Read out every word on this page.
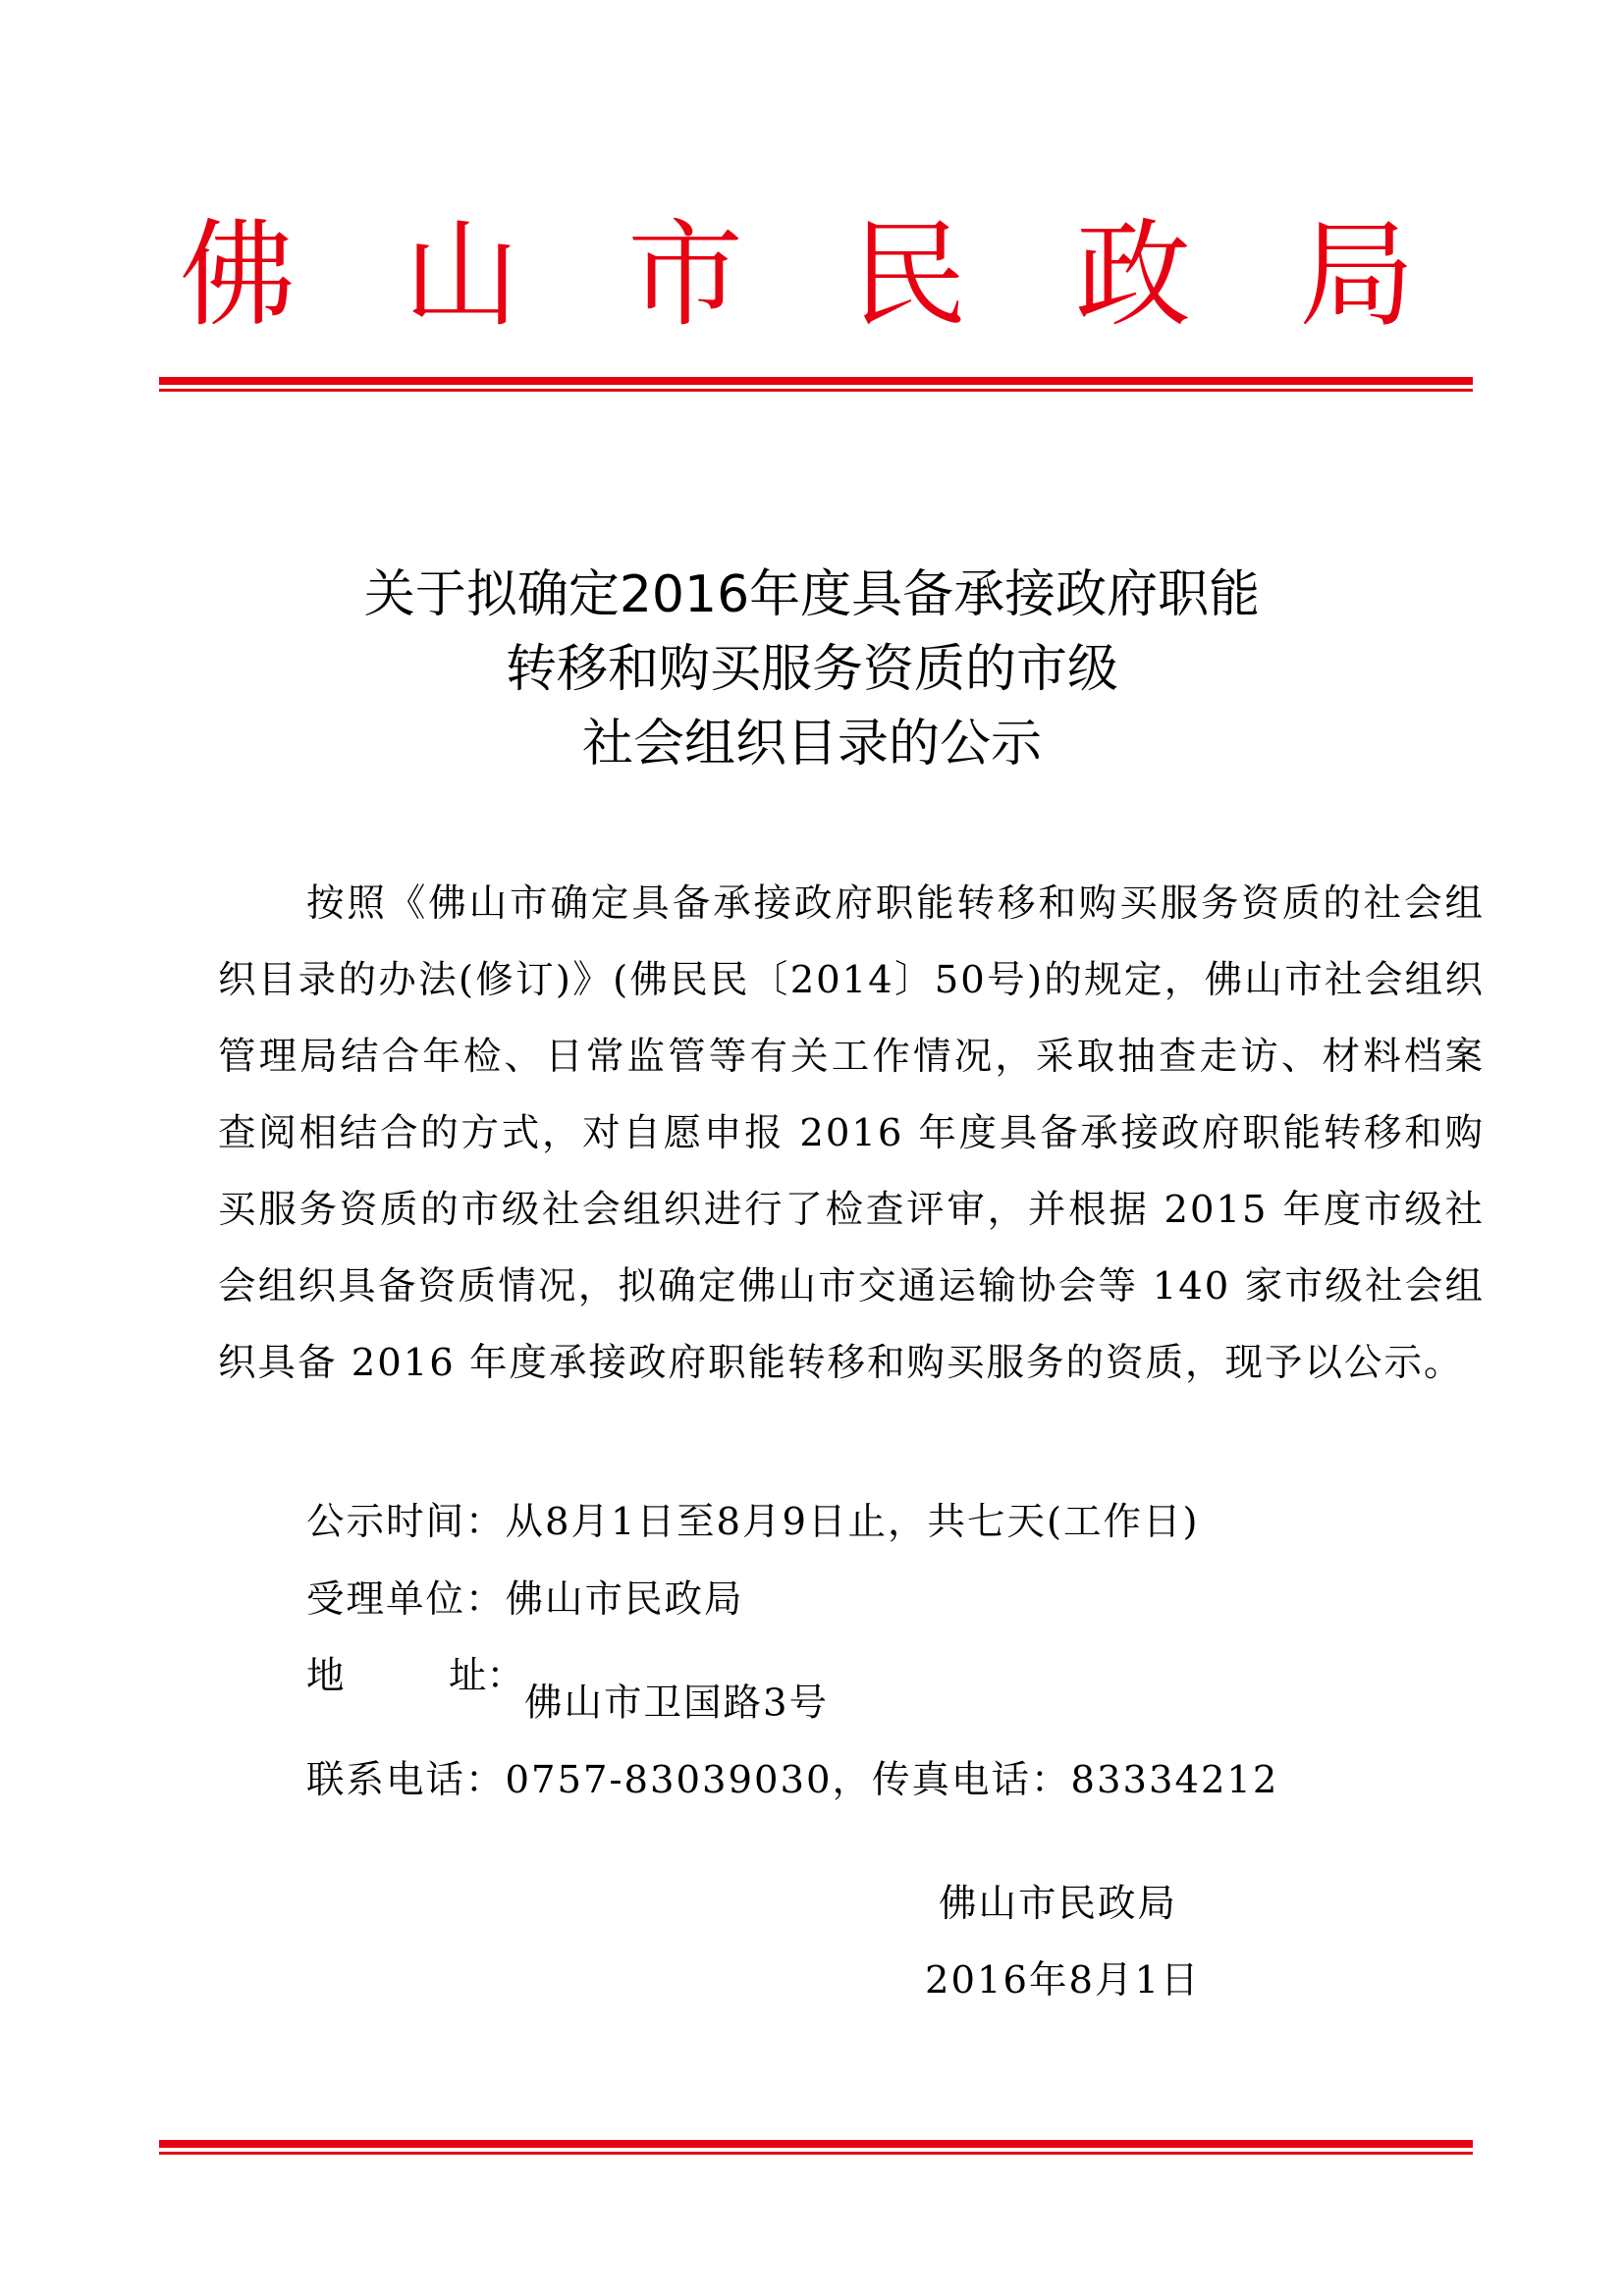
佛山市民政局
关于拟确定2016年度具备承接政府职能
转移和购买服务资质的市级
社会组织目录的公示
按照《佛山市确定具备承接政府职能转移和购买服务资质的社会组织目录的办法(修订)》(佛民民〔2014〕50号)的规定，佛山市社会组织管理局结合年检、日常监管等有关工作情况，采取抽查走访、材料档案查阅相结合的方式，对自愿申报 2016 年度具备承接政府职能转移和购买服务资质的市级社会组织进行了检查评审，并根据 2015 年度市级社会组织具备资质情况，拟确定佛山市交通运输协会等 140 家市级社会组织具备 2016 年度承接政府职能转移和购买服务的资质，现予以公示。
公示时间：从8月1日至8月9日止，共七天(工作日)
受理单位：佛山市民政局
地	址：
佛山市卫国路3号
联系电话：0757-83039030，传真电话：83334212
佛山市民政局
2016年8月1日
